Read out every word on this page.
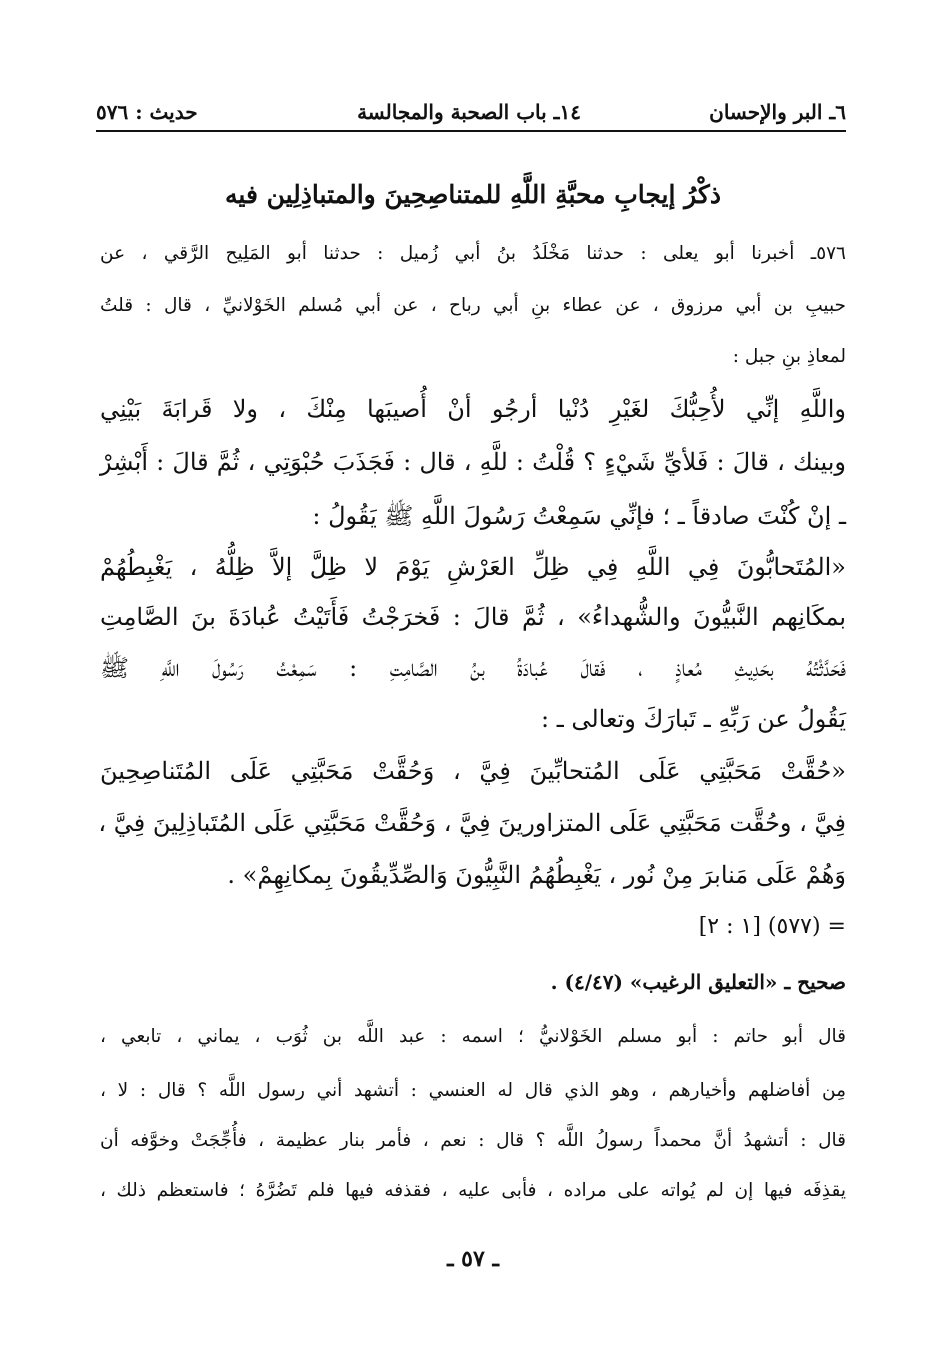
٦ـ البر والإحسان
١٤ـ باب الصحبة والمجالسة
حديث : ٥٧٦
ذكْرُ إيجابِ محبَّةِ اللَّهِ للمتناصِحِينَ والمتباذِلِين فيه
٥٧٦ـ أخبرنا أبو يعلى : حدثنا مَخْلَدُ بنُ أبي زُميل : حدثنا أبو المَلِيح الرَّقي ، عن
حبيبِ بن أبي مرزوق ، عن عطاء بنِ أبي رباح ، عن أبي مُسلم الخَوْلانيِّ ، قال : قلتُ
لمعاذِ بنِ جبل :
واللَّهِ إنِّي لأُحِبُّكَ لغَيْرِ دُنْيا أرجُو أنْ أُصيبَها مِنْكَ ، ولا قَرابَةَ بَيْنِي
وبينك ، قالَ : فَلأيِّ شَيْءٍ ؟ قُلْتُ : للَّهِ ، قال : فَجَذَبَ حُبْوَتِي ، ثُمَّ قالَ : أَبْشِرْ
ـ إنْ كُنْتَ صادقاً ـ ؛ فإنِّي سَمِعْتُ رَسُولَ اللَّهِ ﷺ يَقُولُ :
«المُتَحابُّونَ فِي اللَّهِ فِي ظِلِّ العَرْشِ يَوْمَ لا ظِلَّ إلاَّ ظِلُّهُ ، يَغْبِطُهُمْ
بمكَانِهم النَّبيُّونَ والشُّهداءُ» ، ثُمَّ قالَ : فَخرَجْتُ فَأَتَيْتُ عُبادَةَ بنَ الصَّامِتِ
فَحَدَّثْتُهُ بحَدِيثِ مُعاذٍ ، فَقالَ عُبادَةُ بنُ الصَّامِتِ : سَمِعْتُ رَسُولَ اللَّهِ ﷺ
يَقُولُ عن رَبِّهِ ـ تَبارَكَ وتعالى ـ :
«حُقَّتْ مَحَبَّتِي عَلَى المُتحابِّينَ فِيَّ ، وَحُقَّتْ مَحَبَّتِي عَلَى المُتَناصِحِينَ
فِيَّ ، وحُقَّت مَحَبَّتِي عَلَى المتزاورينَ فِيَّ ، وَحُقَّتْ مَحَبَّتِي عَلَى المُتَباذِلِينَ فِيَّ ،
وَهُمْ عَلَى مَنابرَ مِنْ نُور ، يَغْبِطُهُمُ النَّبِيُّونَ وَالصِّدِّيقُونَ بِمكانِهِمْ» .
= (٥٧٧) [١ : ٢]
صحيح ـ «التعليق الرغيب» (٤/٤٧) .
قال أبو حاتم : أبو مسلم الخَوْلانيُّ ؛ اسمه : عبد اللَّه بن ثُوَب ، يماني ، تابعي ،
مِن أفاضلهم وأخيارهم ، وهو الذي قال له العنسي : أتشهد أني رسول اللَّه ؟ قال : لا ،
قال : أتشهدُ أنَّ محمداً رسولُ اللَّه ؟ قال : نعم ، فأمر بنار عظيمة ، فأُجِّجَتْ وخوَّفه أن
يقذِفَه فيها إن لم يُواته على مراده ، فأبى عليه ، فقذفه فيها فلم تَضُرَّهُ ؛ فاستعظم ذلك ،
ـ ٥٧ ـ
